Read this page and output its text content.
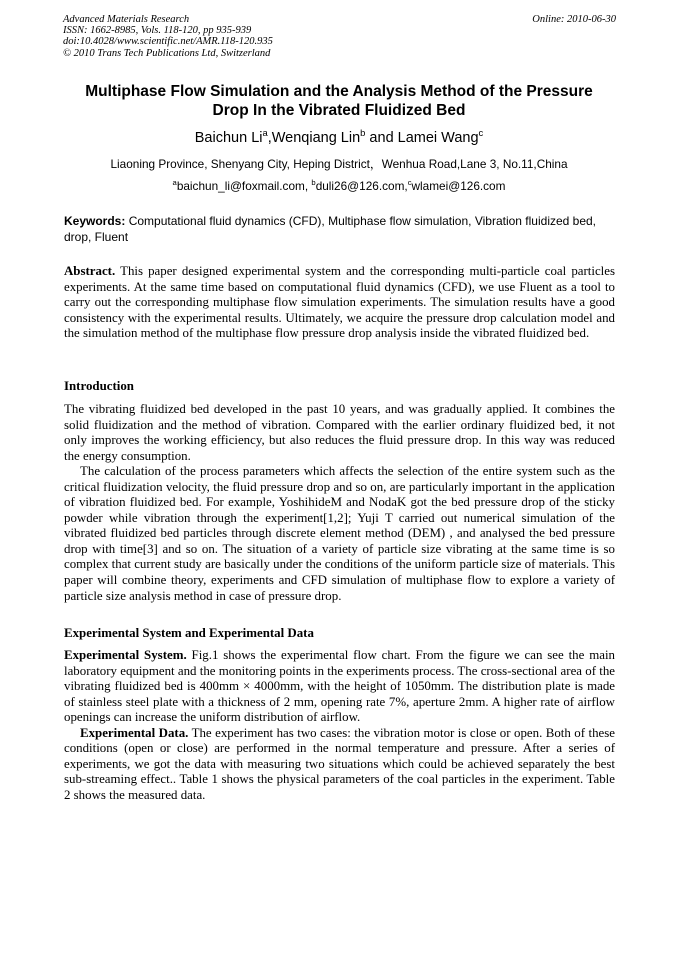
Advanced Materials Research
ISSN: 1662-8985, Vols. 118-120, pp 935-939
doi:10.4028/www.scientific.net/AMR.118-120.935
© 2010 Trans Tech Publications Ltd, Switzerland
Online: 2010-06-30
Multiphase Flow Simulation and the Analysis Method of the Pressure
Drop In the Vibrated Fluidized Bed
Baichun Li$^a$,Wenqiang Lin$^b$ and Lamei Wang$^c$
Liaoning Province, Shenyang City, Heping District，Wenhua Road,Lane 3, No.11,China
$^a$baichun_li@foxmail.com, $^b$duli26@126.com,$^c$wlamei@126.com
Keywords: Computational fluid dynamics (CFD), Multiphase flow simulation, Vibration fluidized bed, drop, Fluent

Abstract. This paper designed experimental system and the corresponding multi-particle coal particles experiments. At the same time based on computational fluid dynamics (CFD), we use Fluent as a tool to carry out the corresponding multiphase flow simulation experiments. The simulation results have a good consistency with the experimental results. Ultimately, we acquire the pressure drop calculation model and the simulation method of the multiphase flow pressure drop analysis inside the vibrated fluidized bed.

Introduction

The vibrating fluidized bed developed in the past 10 years, and was gradually applied. It combines the solid fluidization and the method of vibration. Compared with the earlier ordinary fluidized bed, it not only improves the working efficiency, but also reduces the fluid pressure drop. In this way was reduced the energy consumption.

The calculation of the process parameters which affects the selection of the entire system such as the critical fluidization velocity, the fluid pressure drop and so on, are particularly important in the application of vibration fluidized bed. For example, YoshihideM and NodaK got the bed pressure drop of the sticky powder while vibration through the experiment[1,2]; Yuji T carried out numerical simulation of the vibrated fluidized bed particles through discrete element method (DEM) , and analysed the bed pressure drop with time[3] and so on. The situation of a variety of particle size vibrating at the same time is so complex that current study are basically under the conditions of the uniform particle size of materials. This paper will combine theory, experiments and CFD simulation of multiphase flow to explore a variety of particle size analysis method in case of pressure drop.

Experimental System and Experimental Data

Experimental System. Fig.1 shows the experimental flow chart. From the figure we can see the main laboratory equipment and the monitoring points in the experiments process. The cross-sectional area of the vibrating fluidized bed is 400mm × 4000mm, with the height of 1050mm. The distribution plate is made of stainless steel plate with a thickness of 2 mm, opening rate 7%, aperture 2mm. A higher rate of airflow openings can increase the uniform distribution of airflow.

Experimental Data. The experiment has two cases: the vibration motor is close or open. Both of these conditions (open or close) are performed in the normal temperature and pressure. After a series of experiments, we got the data with measuring two situations which could be achieved separately the best sub-streaming effect.. Table 1 shows the physical parameters of the coal particles in the experiment. Table 2 shows the measured data.
